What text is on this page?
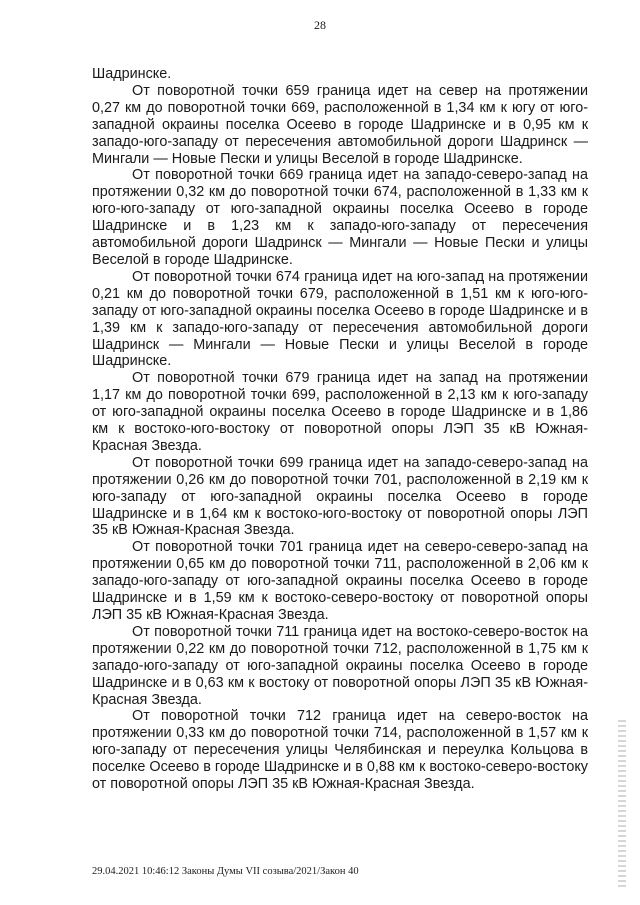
28

Шадринске.

От поворотной точки 659 граница идет на север на протяжении 0,27 км до поворотной точки 669, расположенной в 1,34 км к югу от юго-западной окраины поселка Осеево в городе Шадринске и в 0,95 км к западо-юго-западу от пересечения автомобильной дороги Шадринск — Мингали — Новые Пески и улицы Веселой в городе Шадринске.

От поворотной точки 669 граница идет на западо-северо-запад на протяжении 0,32 км до поворотной точки 674, расположенной в 1,33 км к юго-юго-западу от юго-западной окраины поселка Осеево в городе Шадринске и в 1,23 км к западо-юго-западу от пересечения автомобильной дороги Шадринск — Мингали — Новые Пески и улицы Веселой в городе Шадринске.

От поворотной точки 674 граница идет на юго-запад на протяжении 0,21 км до поворотной точки 679, расположенной в 1,51 км к юго-юго-западу от юго-западной окраины поселка Осеево в городе Шадринске и в 1,39 км к западо-юго-западу от пересечения автомобильной дороги Шадринск — Мингали — Новые Пески и улицы Веселой в городе Шадринске.

От поворотной точки 679 граница идет на запад на протяжении 1,17 км до поворотной точки 699, расположенной в 2,13 км к юго-западу от юго-западной окраины поселка Осеево в городе Шадринске и в 1,86 км к востоко-юго-востоку от поворотной опоры ЛЭП 35 кВ Южная-Красная Звезда.

От поворотной точки 699 граница идет на западо-северо-запад на протяжении 0,26 км до поворотной точки 701, расположенной в 2,19 км к юго-западу от юго-западной окраины поселка Осеево в городе Шадринске и в 1,64 км к востоко-юго-востоку от поворотной опоры ЛЭП 35 кВ Южная-Красная Звезда.

От поворотной точки 701 граница идет на северо-северо-запад на протяжении 0,65 км до поворотной точки 711, расположенной в 2,06 км к западо-юго-западу от юго-западной окраины поселка Осеево в городе Шадринске и в 1,59 км к востоко-северо-востоку от поворотной опоры ЛЭП 35 кВ Южная-Красная Звезда.

От поворотной точки 711 граница идет на востоко-северо-восток на протяжении 0,22 км до поворотной точки 712, расположенной в 1,75 км к западо-юго-западу от юго-западной окраины поселка Осеево в городе Шадринске и в 0,63 км к востоку от поворотной опоры ЛЭП 35 кВ Южная-Красная Звезда.

От поворотной точки 712 граница идет на северо-восток на протяжении 0,33 км до поворотной точки 714, расположенной в 1,57 км к юго-западу от пересечения улицы Челябинская и переулка Кольцова в поселке Осеево в городе Шадринске и в 0,88 км к востоко-северо-востоку от поворотной опоры ЛЭП 35 кВ Южная-Красная Звезда.

29.04.2021 10:46:12 Законы Думы VII созыва/2021/Закон 40
